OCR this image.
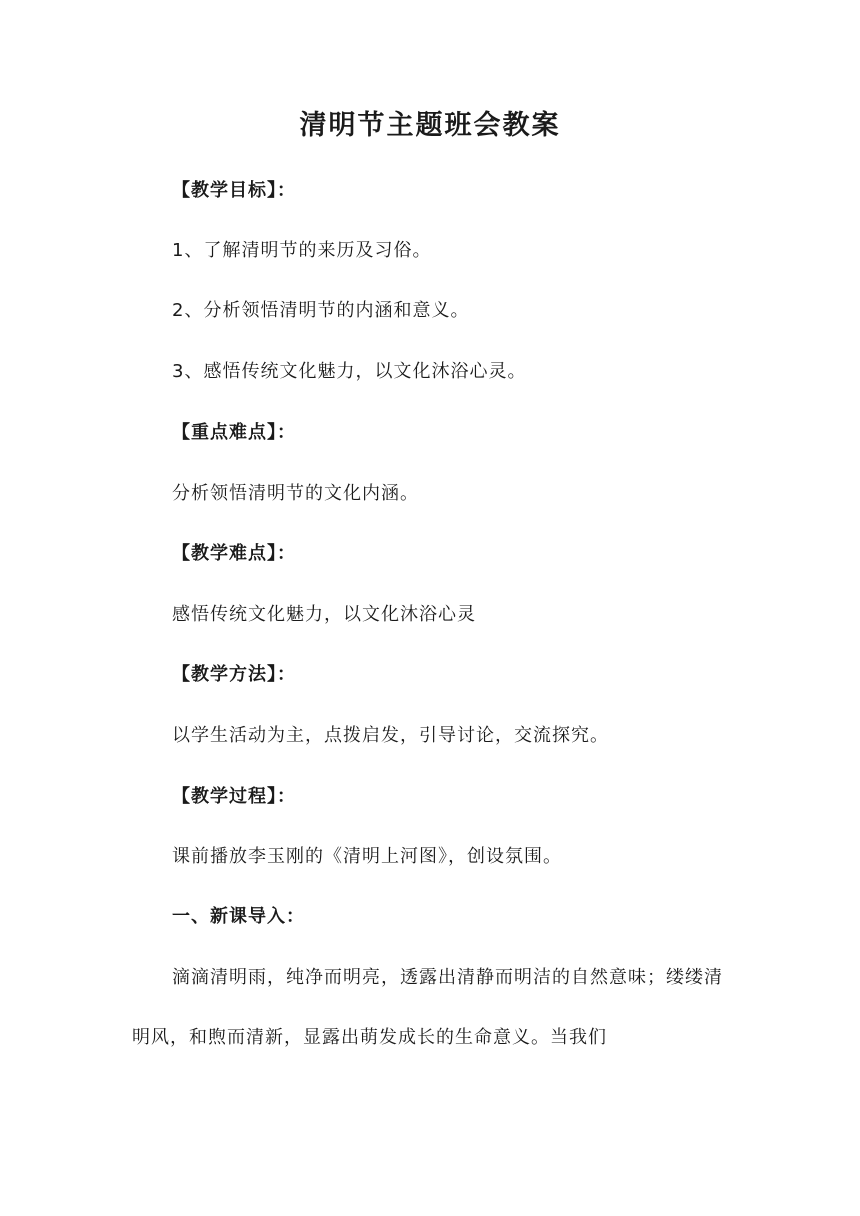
清明节主题班会教案

【教学目标】：

1、了解清明节的来历及习俗。

2、分析领悟清明节的内涵和意义。

3、感悟传统文化魅力，以文化沐浴心灵。

【重点难点】：

分析领悟清明节的文化内涵。

【教学难点】：

感悟传统文化魅力，以文化沐浴心灵

【教学方法】：

以学生活动为主，点拨启发，引导讨论，交流探究。

【教学过程】：

课前播放李玉刚的《清明上河图》，创设氛围。

一、新课导入：

滴滴清明雨，纯净而明亮，透露出清静而明洁的自然意味；缕缕清明风，和煦而清新，显露出萌发成长的生命意义。当我们
